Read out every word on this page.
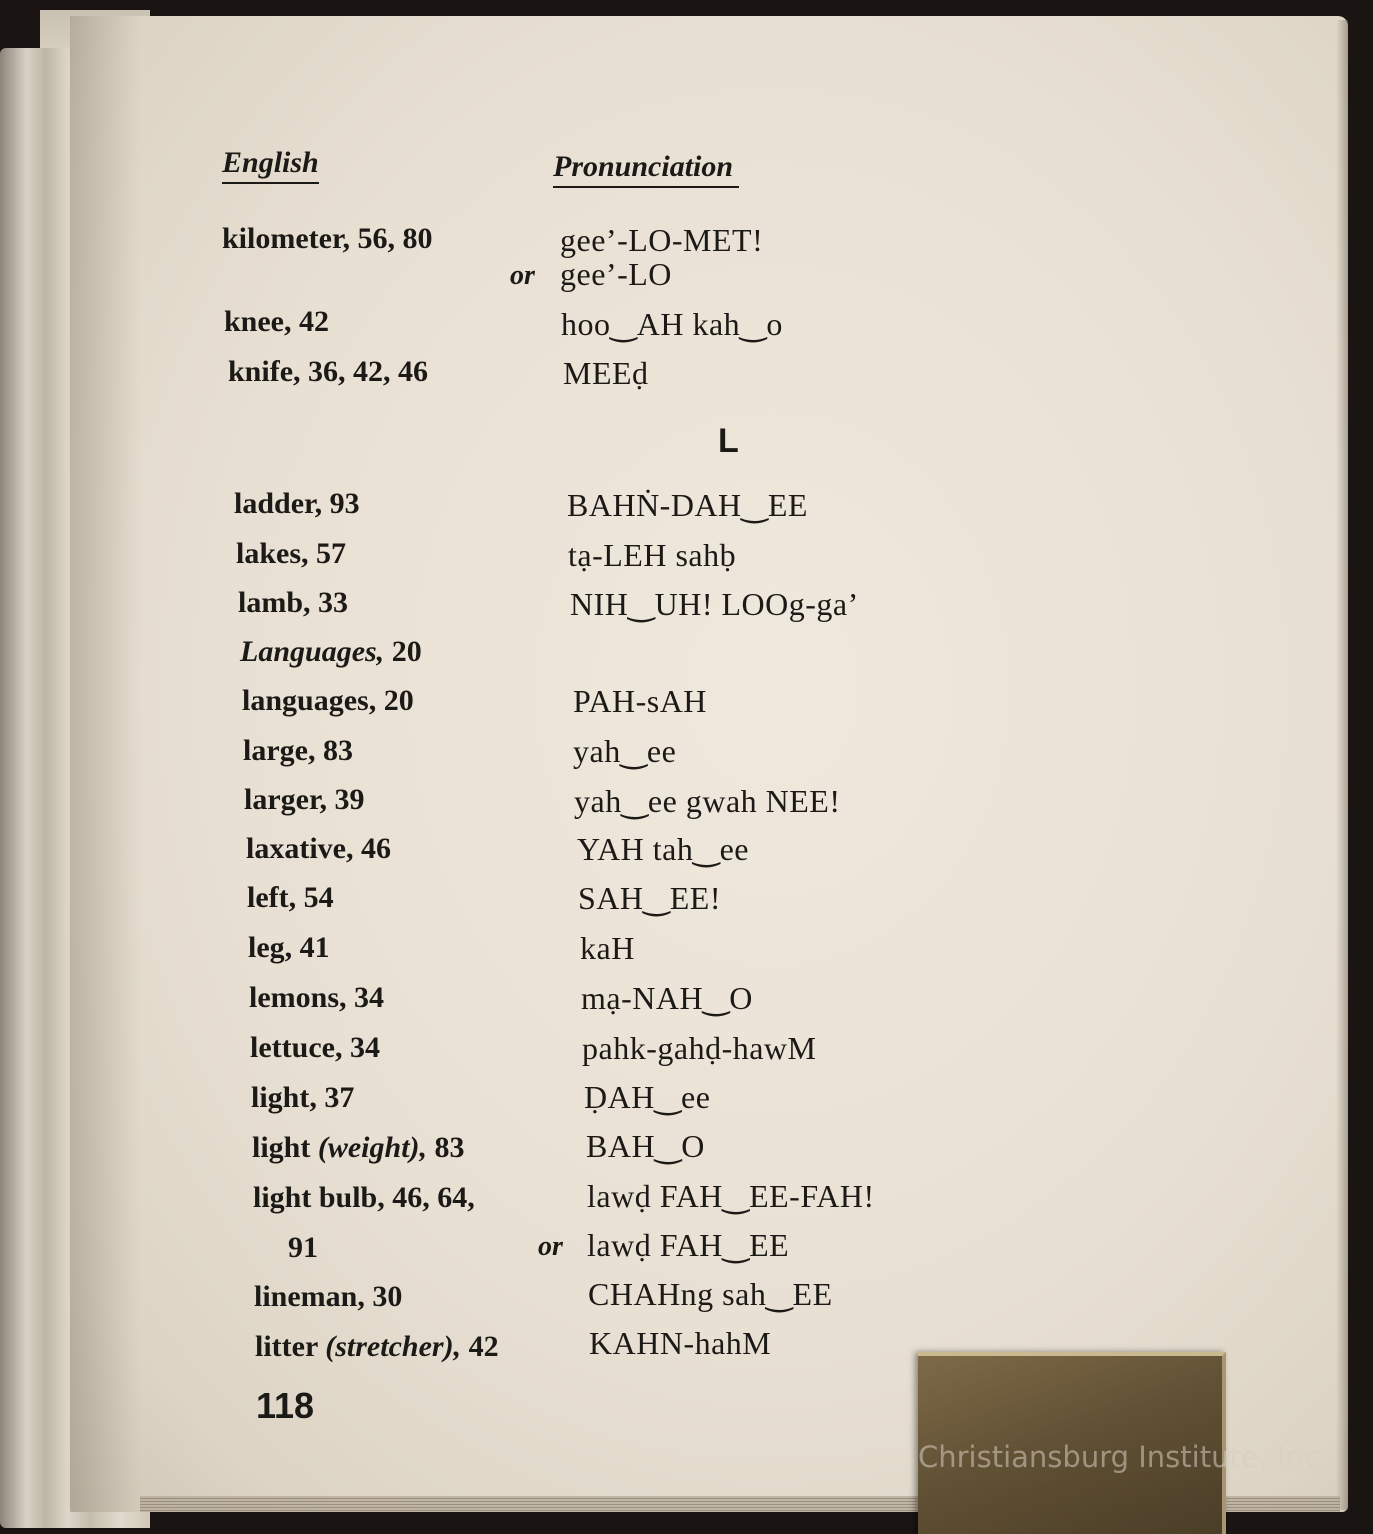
English	Pronunciation
kilometer, 56, 80	gee’-LO-MET!
or gee’-LO
knee, 42	hoo‿AH kah‿o
knife, 36, 42, 46	MEEḍ
L
ladder, 93	BAHṄ-DAH‿EE
lakes, 57	tạ-LEH sahḅ
lamb, 33	NIH‿UH! LOOg-ga’
Languages, 20
languages, 20	PAH-sAH
large, 83	yah‿ee
larger, 39	yah‿ee gwah NEE!
laxative, 46	YAH tah‿ee
left, 54	SAH‿EE!
leg, 41	kaH
lemons, 34	mạ-NAH‿O
lettuce, 34	pahk-gahḍ-hawM
light, 37	ḌAH‿ee
light (weight), 83	BAH‿O
light bulb, 46, 64,	lawḍ FAH‿EE-FAH!
91	or lawḍ FAH‿EE
lineman, 30	CHAHng sah‿EE
litter (stretcher), 42	KAHN-hahM
118
Christiansburg Institute, Inc
